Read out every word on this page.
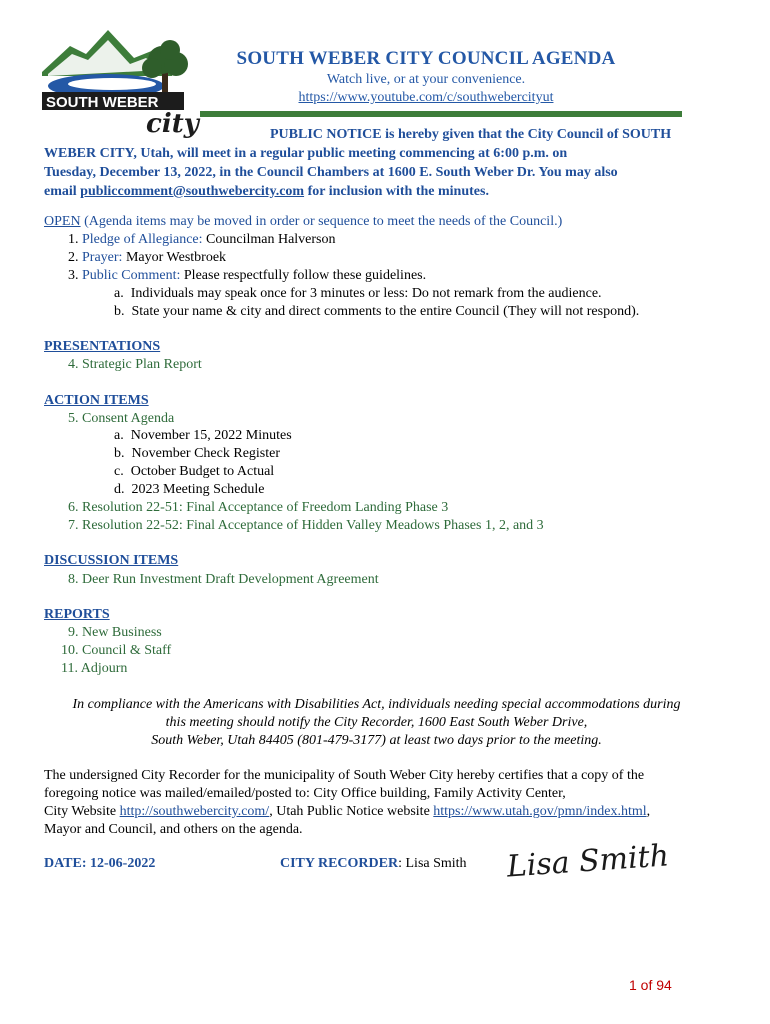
SOUTH WEBER
city
SOUTH WEBER CITY COUNCIL AGENDA
Watch live, or at your convenience.
https://www.youtube.com/c/southwebercityut
PUBLIC NOTICE is hereby given that the City Council of SOUTH
WEBER CITY, Utah, will meet in a regular public meeting commencing at 6:00 p.m. on
Tuesday, December 13, 2022, in the Council Chambers at 1600 E. South Weber Dr. You may also
email publiccomment@southwebercity.com for inclusion with the minutes.
OPEN (Agenda items may be moved in order or sequence to meet the needs of the Council.)
1. Pledge of Allegiance: Councilman Halverson
2. Prayer: Mayor Westbroek
3. Public Comment: Please respectfully follow these guidelines.
a. Individuals may speak once for 3 minutes or less: Do not remark from the audience.
b. State your name & city and direct comments to the entire Council (They will not respond).
PRESENTATIONS
4. Strategic Plan Report
ACTION ITEMS
5. Consent Agenda
a. November 15, 2022 Minutes
b. November Check Register
c. October Budget to Actual
d. 2023 Meeting Schedule
6. Resolution 22-51: Final Acceptance of Freedom Landing Phase 3
7. Resolution 22-52: Final Acceptance of Hidden Valley Meadows Phases 1, 2, and 3
DISCUSSION ITEMS
8. Deer Run Investment Draft Development Agreement
REPORTS
9. New Business
10. Council & Staff
11. Adjourn
In compliance with the Americans with Disabilities Act, individuals needing special accommodations during
this meeting should notify the City Recorder, 1600 East South Weber Drive,
South Weber, Utah 84405 (801-479-3177) at least two days prior to the meeting.
The undersigned City Recorder for the municipality of South Weber City hereby certifies that a copy of the
foregoing notice was mailed/emailed/posted to: City Office building, Family Activity Center,
City Website http://southwebercity.com/, Utah Public Notice website https://www.utah.gov/pmn/index.html,
Mayor and Council, and others on the agenda.
DATE: 12-06-2022	CITY RECORDER: Lisa Smith Lisa Smith
1 of 94
